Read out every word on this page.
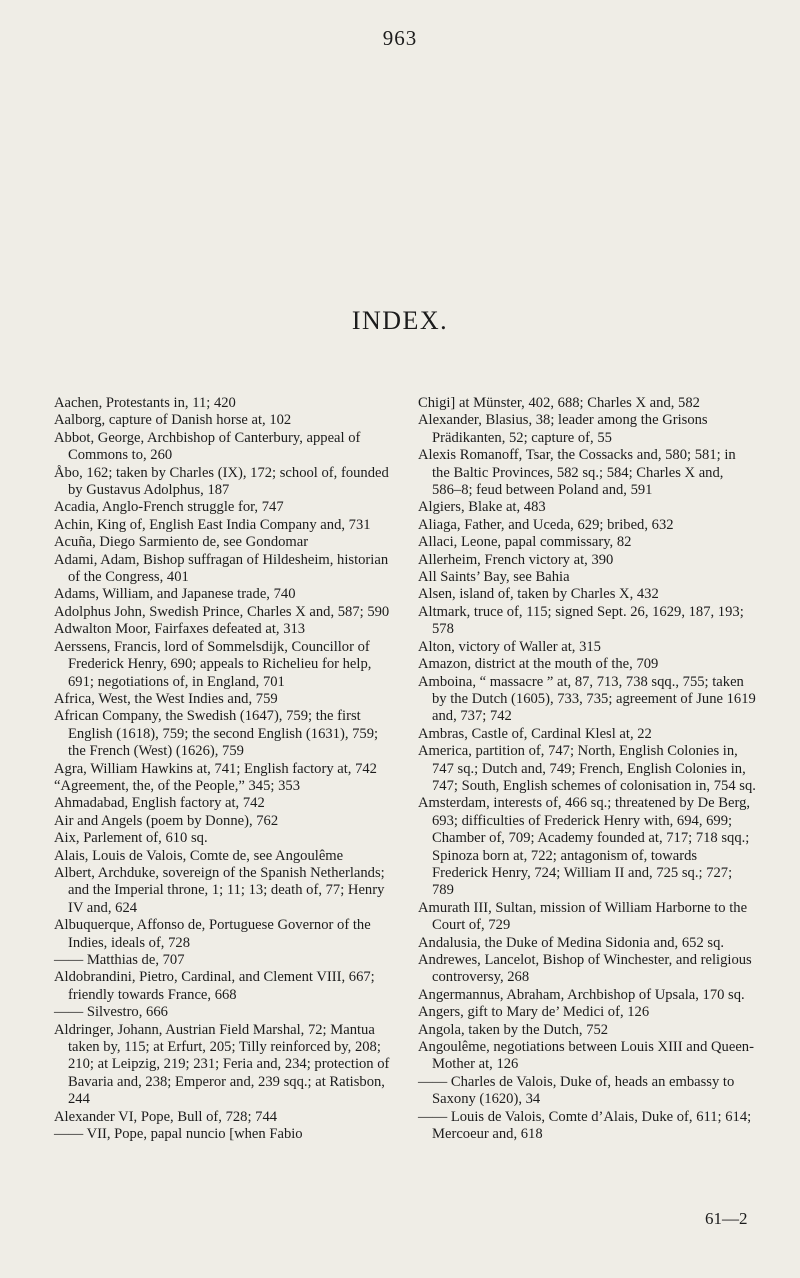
963
INDEX.

Aachen, Protestants in, 11; 420

Aalborg, capture of Danish horse at, 102

Abbot, George, Archbishop of Canterbury, appeal of Commons to, 260

Åbo, 162; taken by Charles (IX), 172; school of, founded by Gustavus Adolphus, 187

Acadia, Anglo-French struggle for, 747

Achin, King of, English East India Company and, 731

Acuña, Diego Sarmiento de, see Gondomar

Adami, Adam, Bishop suffragan of Hildesheim, historian of the Congress, 401

Adams, William, and Japanese trade, 740

Adolphus John, Swedish Prince, Charles X and, 587; 590

Adwalton Moor, Fairfaxes defeated at, 313

Aerssens, Francis, lord of Sommelsdijk, Councillor of Frederick Henry, 690; appeals to Richelieu for help, 691; negotiations of, in England, 701

Africa, West, the West Indies and, 759

African Company, the Swedish (1647), 759; the first English (1618), 759; the second English (1631), 759; the French (West) (1626), 759

Agra, William Hawkins at, 741; English factory at, 742

“Agreement, the, of the People,” 345; 353

Ahmadabad, English factory at, 742

Air and Angels (poem by Donne), 762

Aix, Parlement of, 610 sq.

Alais, Louis de Valois, Comte de, see Angoulême

Albert, Archduke, sovereign of the Spanish Netherlands; and the Imperial throne, 1; 11; 13; death of, 77; Henry IV and, 624

Albuquerque, Affonso de, Portuguese Governor of the Indies, ideals of, 728

—— Matthias de, 707

Aldobrandini, Pietro, Cardinal, and Clement VIII, 667; friendly towards France, 668

—— Silvestro, 666

Aldringer, Johann, Austrian Field Marshal, 72; Mantua taken by, 115; at Erfurt, 205; Tilly reinforced by, 208; 210; at Leipzig, 219; 231; Feria and, 234; protection of Bavaria and, 238; Emperor and, 239 sqq.; at Ratisbon, 244

Alexander VI, Pope, Bull of, 728; 744

—— VII, Pope, papal nuncio [when Fabio

Chigi] at Münster, 402, 688; Charles X and, 582

Alexander, Blasius, 38; leader among the Grisons Prädikanten, 52; capture of, 55

Alexis Romanoff, Tsar, the Cossacks and, 580; 581; in the Baltic Provinces, 582 sq.; 584; Charles X and, 586–8; feud between Poland and, 591

Algiers, Blake at, 483

Aliaga, Father, and Uceda, 629; bribed, 632

Allaci, Leone, papal commissary, 82

Allerheim, French victory at, 390

All Saints’ Bay, see Bahia

Alsen, island of, taken by Charles X, 432

Altmark, truce of, 115; signed Sept. 26, 1629, 187, 193; 578

Alton, victory of Waller at, 315

Amazon, district at the mouth of the, 709

Amboina, “ massacre ” at, 87, 713, 738 sqq., 755; taken by the Dutch (1605), 733, 735; agreement of June 1619 and, 737; 742

Ambras, Castle of, Cardinal Klesl at, 22

America, partition of, 747; North, English Colonies in, 747 sq.; Dutch and, 749; French, English Colonies in, 747; South, English schemes of colonisation in, 754 sq.

Amsterdam, interests of, 466 sq.; threatened by De Berg, 693; difficulties of Frederick Henry with, 694, 699; Chamber of, 709; Academy founded at, 717; 718 sqq.; Spinoza born at, 722; antagonism of, towards Frederick Henry, 724; William II and, 725 sq.; 727; 789

Amurath III, Sultan, mission of William Harborne to the Court of, 729

Andalusia, the Duke of Medina Sidonia and, 652 sq.

Andrewes, Lancelot, Bishop of Winchester, and religious controversy, 268

Angermannus, Abraham, Archbishop of Upsala, 170 sq.

Angers, gift to Mary de’ Medici of, 126

Angola, taken by the Dutch, 752

Angoulême, negotiations between Louis XIII and Queen-Mother at, 126

—— Charles de Valois, Duke of, heads an embassy to Saxony (1620), 34

—— Louis de Valois, Comte d’Alais, Duke of, 611; 614; Mercoeur and, 618

61—2
